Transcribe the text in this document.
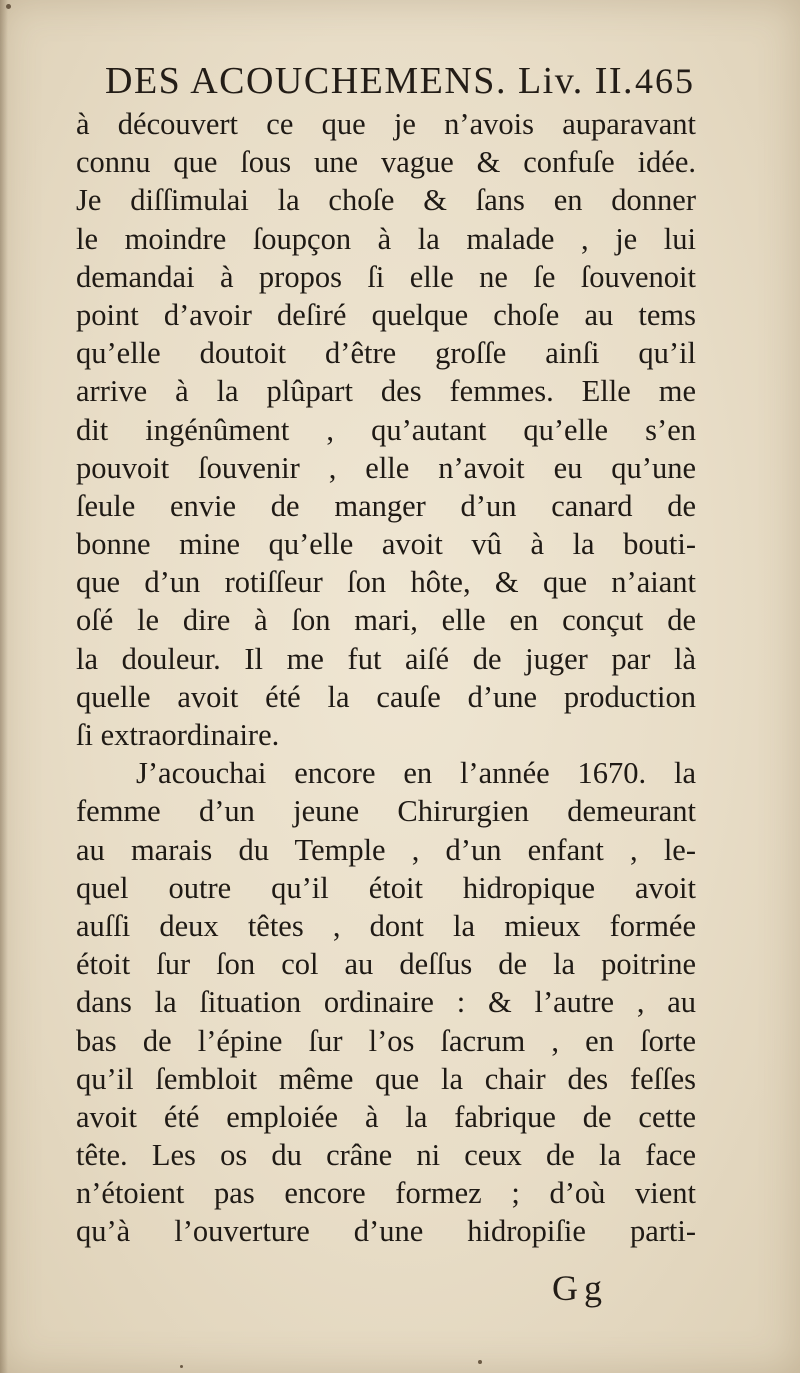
DES ACOUCHEMENS. Liv. II. 465
à découvert ce que je n’avois auparavant
connu que ſous une vague & confuſe idée.
Je diſſimulai la choſe & ſans en donner
le moindre ſoupçon à la malade , je lui
demandai à propos ſi elle ne ſe ſouvenoit
point d’avoir deſiré quelque choſe au tems
qu’elle doutoit d’être groſſe ainſi qu’il
arrive à la plûpart des femmes. Elle me
dit ingénûment , qu’autant qu’elle s’en
pouvoit ſouvenir , elle n’avoit eu qu’une
ſeule envie de manger d’un canard de
bonne mine qu’elle avoit vû à la bouti-
que d’un rotiſſeur ſon hôte, & que n’aiant
oſé le dire à ſon mari, elle en conçut de
la douleur. Il me fut aiſé de juger par là
quelle avoit été la cauſe d’une production
ſi extraordinaire.
J’acouchai encore en l’année 1670. la
femme d’un jeune Chirurgien demeurant
au marais du Temple , d’un enfant , le-
quel outre qu’il étoit hidropique avoit
auſſi deux têtes , dont la mieux formée
étoit ſur ſon col au deſſus de la poitrine
dans la ſituation ordinaire : & l’autre , au
bas de l’épine ſur l’os ſacrum , en ſorte
qu’il ſembloit même que la chair des feſſes
avoit été emploiée à la fabrique de cette
tête. Les os du crâne ni ceux de la face
n’étoient pas encore formez ; d’où vient
qu’à l’ouverture d’une hidropiſie parti-
Gg
